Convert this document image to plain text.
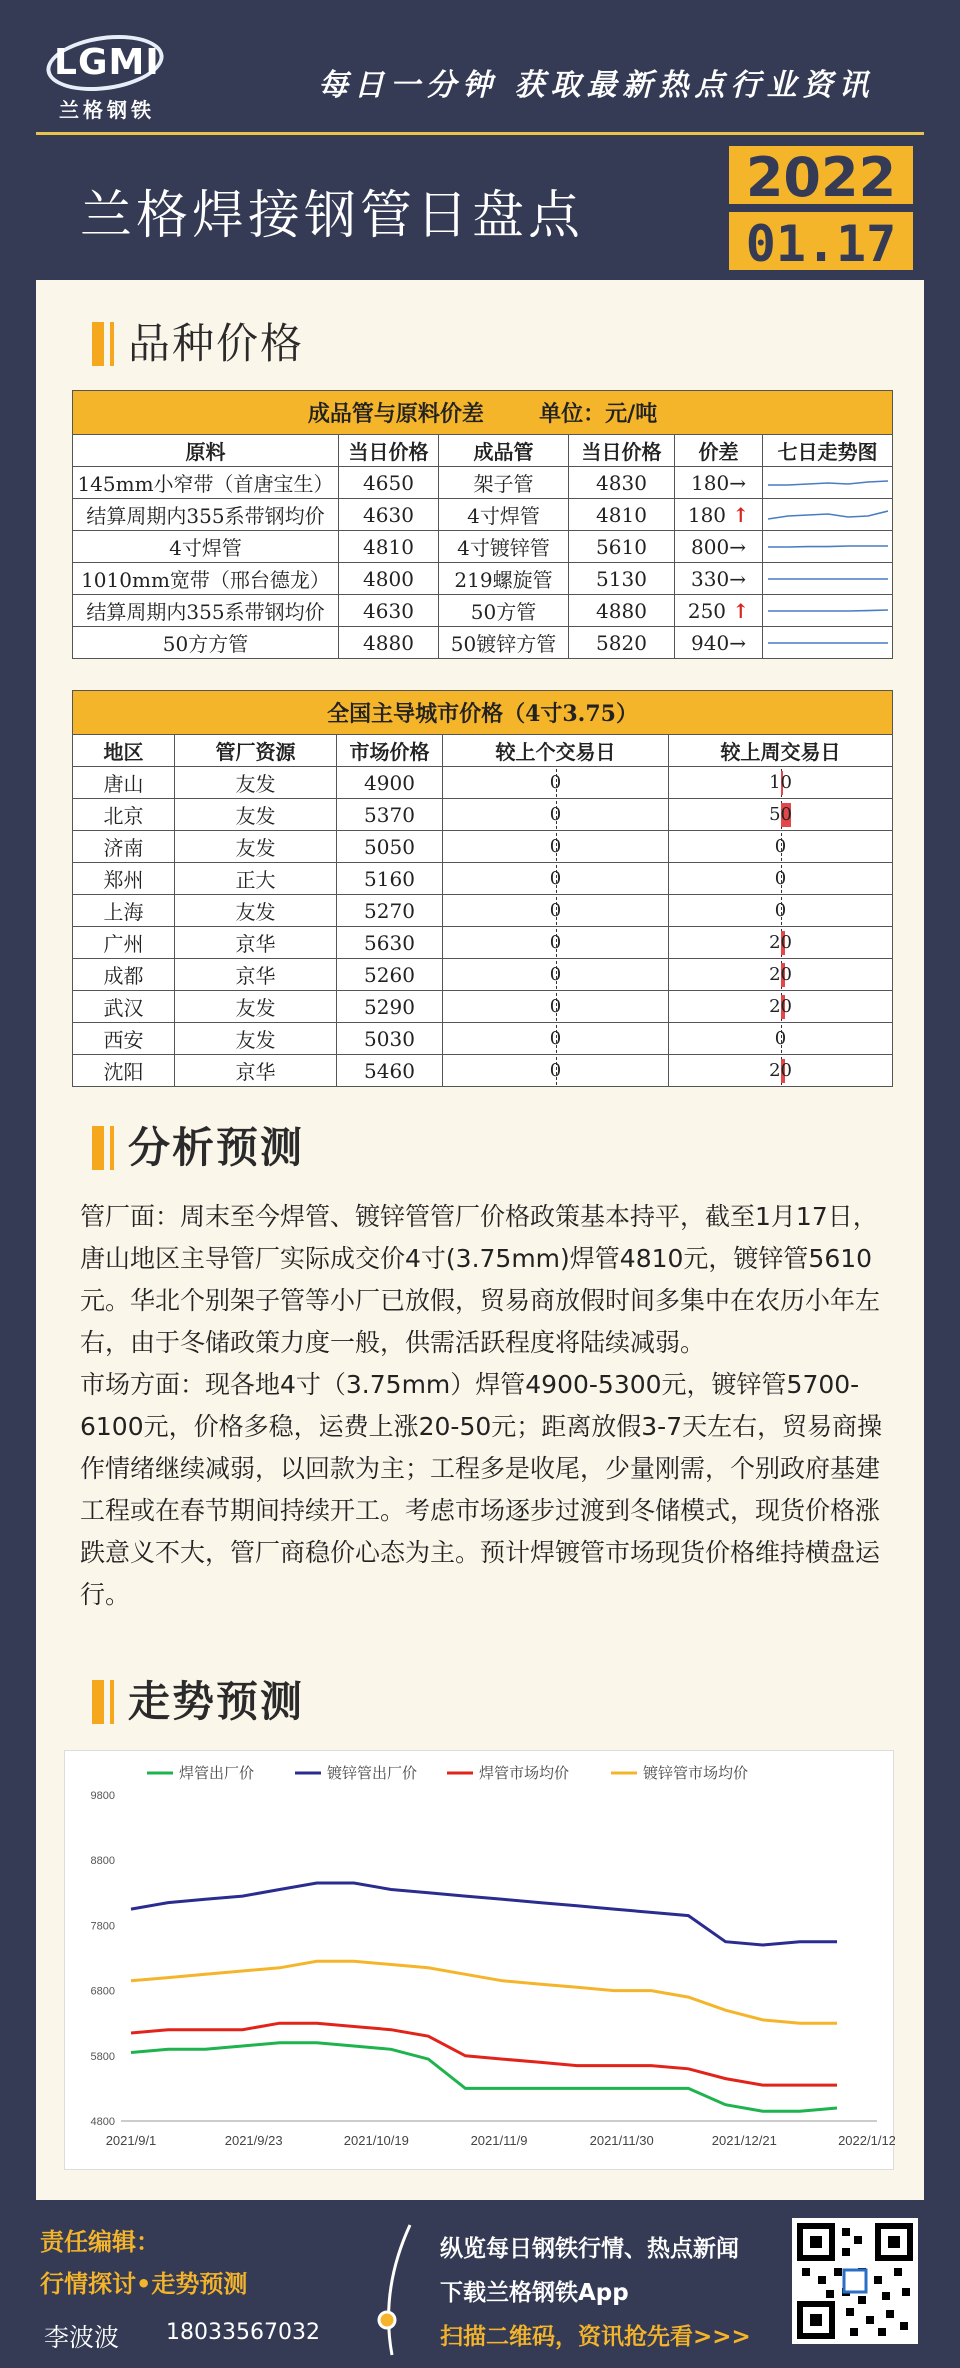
LGMI
兰格钢铁
每日一分钟 获取最新热点行业资讯
兰格焊接钢管日盘点
2022
01.17
品种价格
成品管与原料价差 单位：元/吨					
原料	当日价格	成品管	当日价格	价差	七日走势图
145mm小窄带（首唐宝生）	4650	架子管	4830	180→	

结算周期内355系带钢均价	4630	4寸焊管	4810	180 ↑	

4寸焊管	4810	4寸镀锌管	5610	800→	

1010mm宽带（邢台德龙）	4800	219螺旋管	5130	330→	

结算周期内355系带钢均价	4630	50方管	4880	250 ↑	

50方方管	4880	50镀锌方管	5820	940→	
全国主导城市价格（4寸3.75）				
地区	管厂资源	市场价格	较上个交易日	较上周交易日
唐山	友发	4900	0	10

北京	友发	5370	0	50

济南	友发	5050	0	0

郑州	正大	5160	0	0

上海	友发	5270	0	0

广州	京华	5630	0	20

成都	京华	5260	0	20

武汉	友发	5290	0	20

西安	友发	5030	0	0

沈阳	京华	5460	0	20
分析预测

管厂面：周末至今焊管、镀锌管管厂价格政策基本持平，截至1月17日，唐山地区主导管厂实际成交价4寸(3.75mm)焊管4810元，镀锌管5610元。华北个别架子管等小厂已放假，贸易商放假时间多集中在农历小年左右，由于冬储政策力度一般，供需活跃程度将陆续减弱。

市场方面：现各地4寸（3.75mm）焊管4900-5300元，镀锌管5700-6100元，价格多稳，运费上涨20-50元；距离放假3-7天左右，贸易商操作情绪继续减弱，以回款为主；工程多是收尾，少量刚需，个别政府基建工程或在春节期间持续开工。考虑市场逐步过渡到冬储模式，现货价格涨跌意义不大，管厂商稳价心态为主。预计焊镀管市场现货价格维持横盘运行。

走势预测
4800
5800
6800
7800
8800
9800
2021/9/1	2021/9/23	2021/10/19	2021/11/9	2021/11/30	2021/12/21	2022/1/12
焊管出厂价	镀锌管出厂价	焊管市场均价	镀锌管市场均价
责任编辑：
行情探讨•走势预测
李波波 18033567032
纵览每日钢铁行情、热点新闻
下载兰格钢铁App
扫描二维码，资讯抢先看>>>
